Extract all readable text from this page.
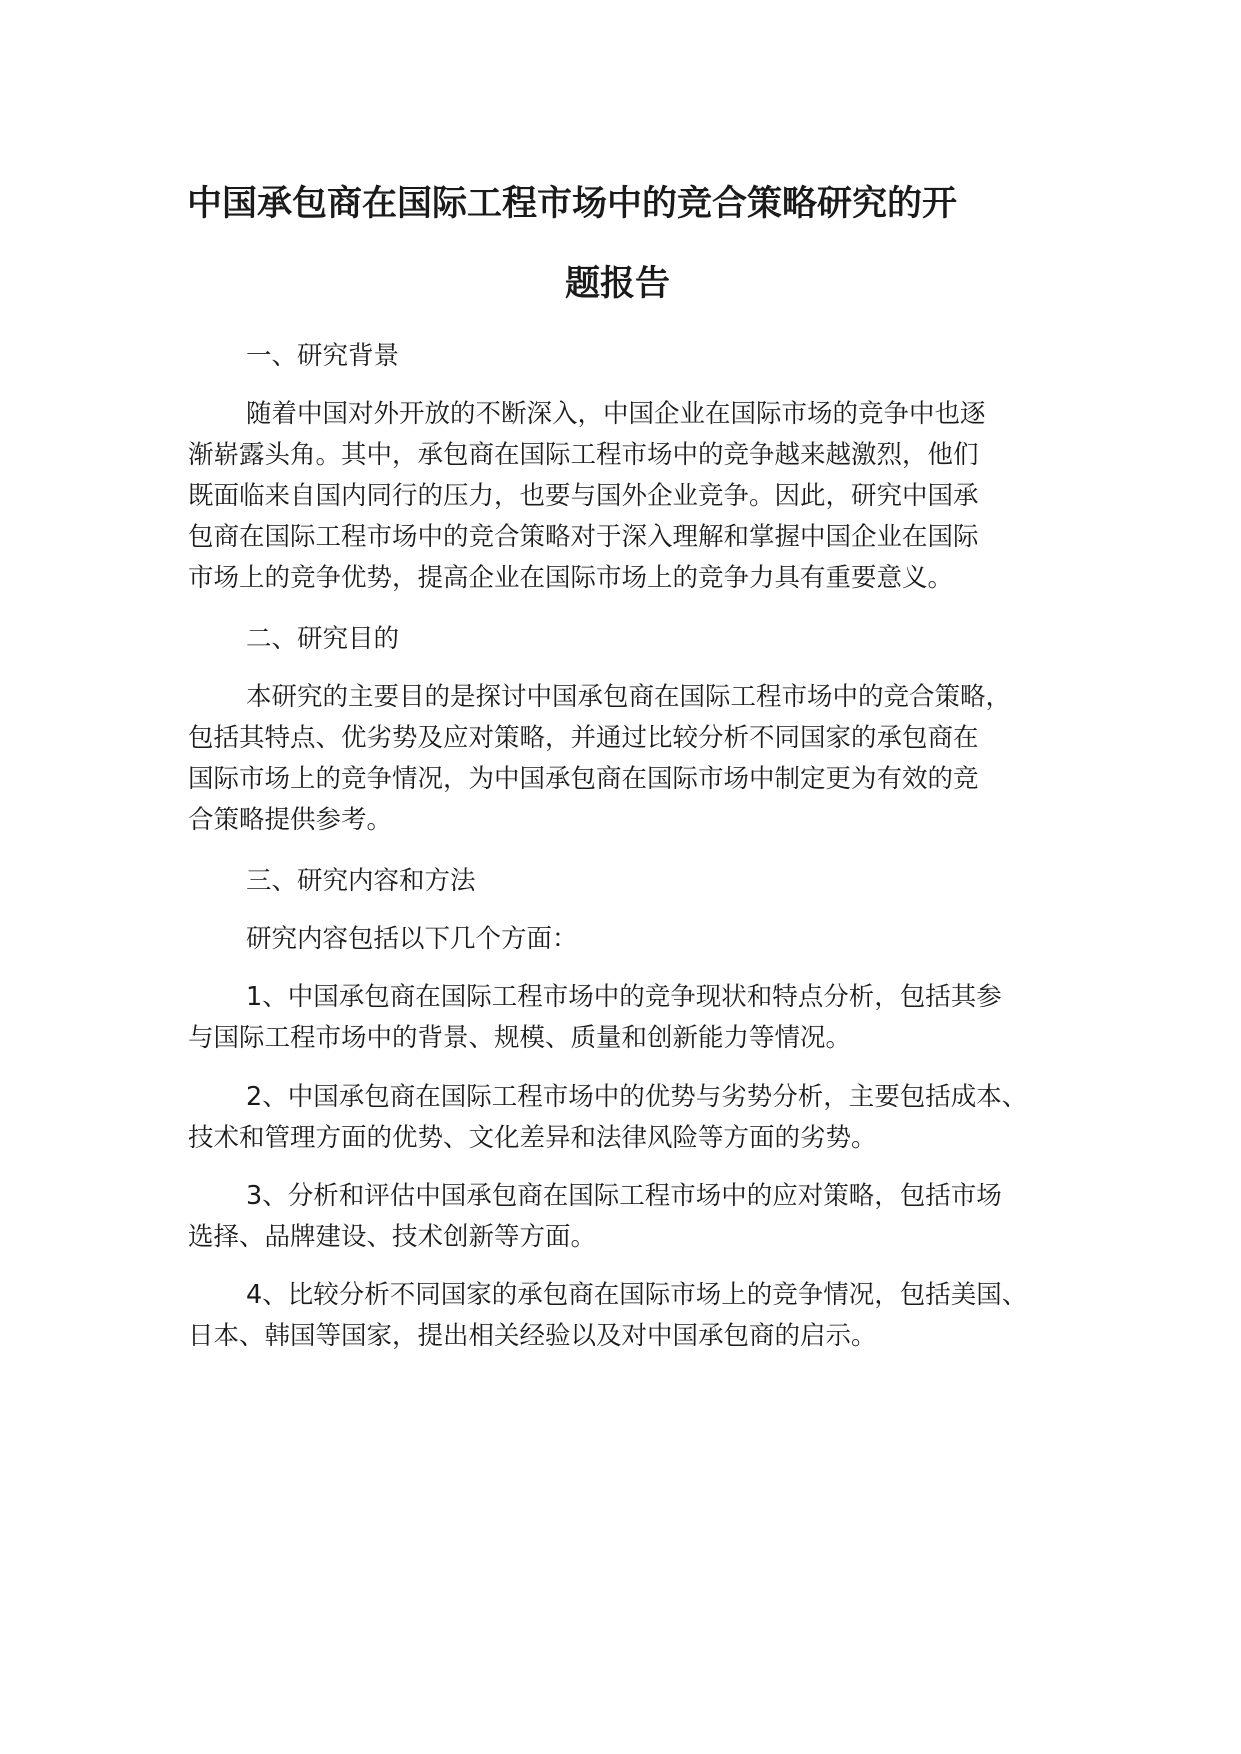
中国承包商在国际工程市场中的竞合策略研究的开
题报告

一、研究背景

随着中国对外开放的不断深入，中国企业在国际市场的竞争中也逐

渐崭露头角。其中，承包商在国际工程市场中的竞争越来越激烈，他们

既面临来自国内同行的压力，也要与国外企业竞争。因此，研究中国承

包商在国际工程市场中的竞合策略对于深入理解和掌握中国企业在国际

市场上的竞争优势，提高企业在国际市场上的竞争力具有重要意义。

二、研究目的

本研究的主要目的是探讨中国承包商在国际工程市场中的竞合策略，

包括其特点、优劣势及应对策略，并通过比较分析不同国家的承包商在

国际市场上的竞争情况，为中国承包商在国际市场中制定更为有效的竞

合策略提供参考。

三、研究内容和方法

研究内容包括以下几个方面：

1、中国承包商在国际工程市场中的竞争现状和特点分析，包括其参

与国际工程市场中的背景、规模、质量和创新能力等情况。

2、中国承包商在国际工程市场中的优势与劣势分析，主要包括成本、

技术和管理方面的优势、文化差异和法律风险等方面的劣势。

3、分析和评估中国承包商在国际工程市场中的应对策略，包括市场

选择、品牌建设、技术创新等方面。

4、比较分析不同国家的承包商在国际市场上的竞争情况，包括美国、

日本、韩国等国家，提出相关经验以及对中国承包商的启示。
